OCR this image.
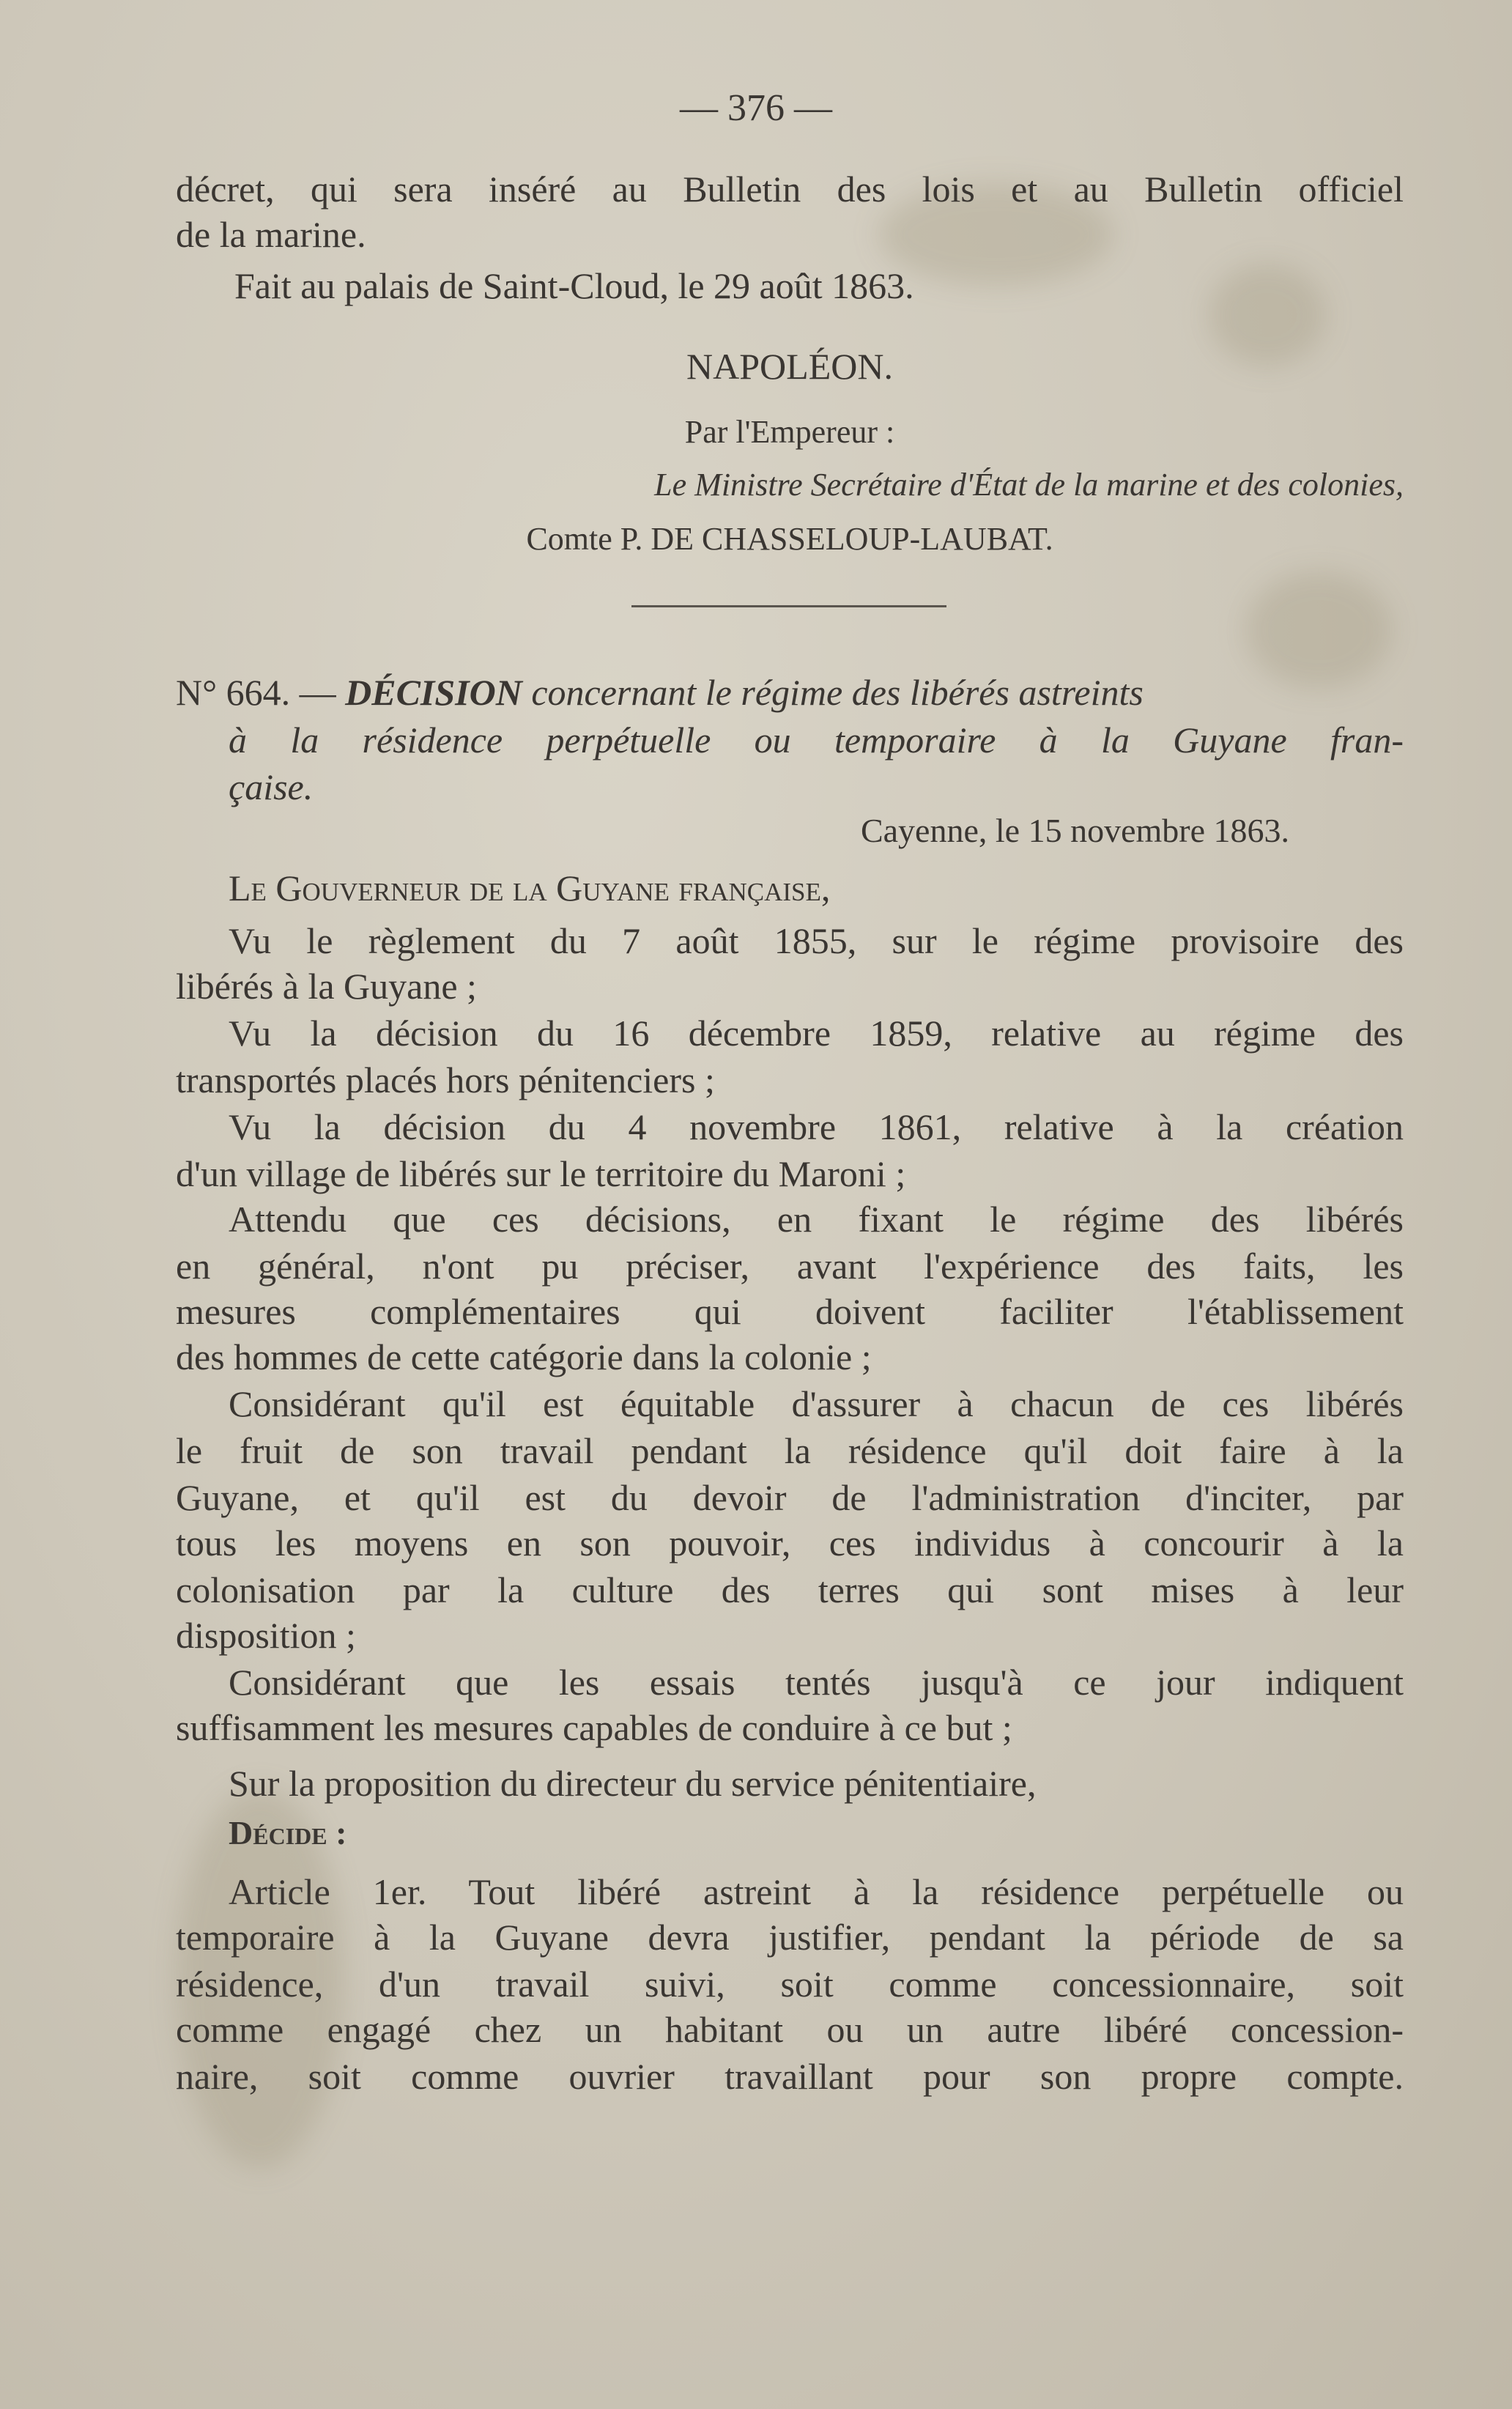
— 376 —
décret, qui sera inséré au Bulletin des lois et au Bulletin officiel
de la marine.
Fait au palais de Saint-Cloud, le 29 août 1863.
NAPOLÉON.
Par l'Empereur :
Le Ministre Secrétaire d'État de la marine et des colonies,
Comte P. DE CHASSELOUP-LAUBAT.
N° 664. — DÉCISION concernant le régime des libérés astreints
à la résidence perpétuelle ou temporaire à la Guyane fran-
çaise.
Cayenne, le 15 novembre 1863.
Le Gouverneur de la Guyane française,
Vu le règlement du 7 août 1855, sur le régime provisoire des
libérés à la Guyane ;
Vu la décision du 16 décembre 1859, relative au régime des
transportés placés hors pénitenciers ;
Vu la décision du 4 novembre 1861, relative à la création
d'un village de libérés sur le territoire du Maroni ;
Attendu que ces décisions, en fixant le régime des libérés
en général, n'ont pu préciser, avant l'expérience des faits, les
mesures complémentaires qui doivent faciliter l'établissement
des hommes de cette catégorie dans la colonie ;
Considérant qu'il est équitable d'assurer à chacun de ces libérés
le fruit de son travail pendant la résidence qu'il doit faire à la
Guyane, et qu'il est du devoir de l'administration d'inciter, par
tous les moyens en son pouvoir, ces individus à concourir à la
colonisation par la culture des terres qui sont mises à leur
disposition ;
Considérant que les essais tentés jusqu'à ce jour indiquent
suffisamment les mesures capables de conduire à ce but ;
Sur la proposition du directeur du service pénitentiaire,
Décide :
Article 1er. Tout libéré astreint à la résidence perpétuelle ou
temporaire à la Guyane devra justifier, pendant la période de sa
résidence, d'un travail suivi, soit comme concessionnaire, soit
comme engagé chez un habitant ou un autre libéré concession-
naire, soit comme ouvrier travaillant pour son propre compte.
